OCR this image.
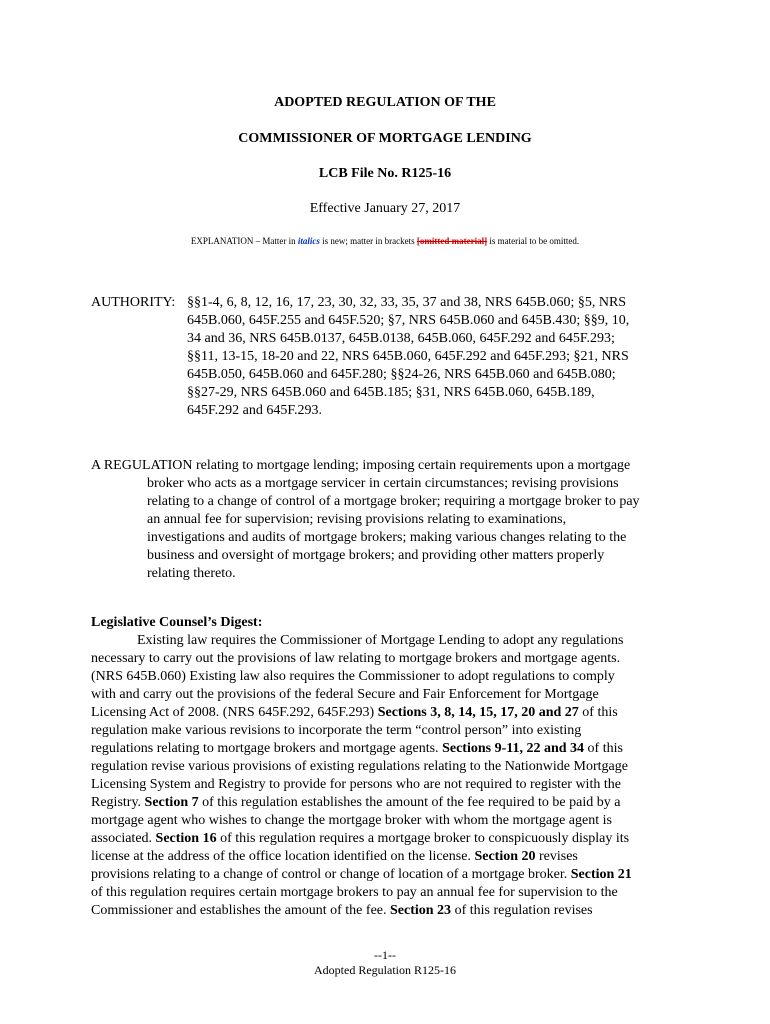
ADOPTED REGULATION OF THE
COMMISSIONER OF MORTGAGE LENDING
LCB File No. R125-16
Effective January 27, 2017
EXPLANATION – Matter in italics is new; matter in brackets [omitted material] is material to be omitted.
AUTHORITY: §§1-4, 6, 8, 12, 16, 17, 23, 30, 32, 33, 35, 37 and 38, NRS 645B.060; §5, NRS
645B.060, 645F.255 and 645F.520; §7, NRS 645B.060 and 645B.430; §§9, 10,
34 and 36, NRS 645B.0137, 645B.0138, 645B.060, 645F.292 and 645F.293;
§§11, 13-15, 18-20 and 22, NRS 645B.060, 645F.292 and 645F.293; §21, NRS
645B.050, 645B.060 and 645F.280; §§24-26, NRS 645B.060 and 645B.080;
§§27-29, NRS 645B.060 and 645B.185; §31, NRS 645B.060, 645B.189,
645F.292 and 645F.293.
A REGULATION relating to mortgage lending; imposing certain requirements upon a mortgage
broker who acts as a mortgage servicer in certain circumstances; revising provisions
relating to a change of control of a mortgage broker; requiring a mortgage broker to pay
an annual fee for supervision; revising provisions relating to examinations,
investigations and audits of mortgage brokers; making various changes relating to the
business and oversight of mortgage brokers; and providing other matters properly
relating thereto.
Legislative Counsel’s Digest:
Existing law requires the Commissioner of Mortgage Lending to adopt any regulations
necessary to carry out the provisions of law relating to mortgage brokers and mortgage agents.
(NRS 645B.060) Existing law also requires the Commissioner to adopt regulations to comply
with and carry out the provisions of the federal Secure and Fair Enforcement for Mortgage
Licensing Act of 2008. (NRS 645F.292, 645F.293) Sections 3, 8, 14, 15, 17, 20 and 27 of this
regulation make various revisions to incorporate the term “control person” into existing
regulations relating to mortgage brokers and mortgage agents. Sections 9-11, 22 and 34 of this
regulation revise various provisions of existing regulations relating to the Nationwide Mortgage
Licensing System and Registry to provide for persons who are not required to register with the
Registry. Section 7 of this regulation establishes the amount of the fee required to be paid by a
mortgage agent who wishes to change the mortgage broker with whom the mortgage agent is
associated. Section 16 of this regulation requires a mortgage broker to conspicuously display its
license at the address of the office location identified on the license. Section 20 revises
provisions relating to a change of control or change of location of a mortgage broker. Section 21
of this regulation requires certain mortgage brokers to pay an annual fee for supervision to the
Commissioner and establishes the amount of the fee. Section 23 of this regulation revises
--1--
Adopted Regulation R125-16
